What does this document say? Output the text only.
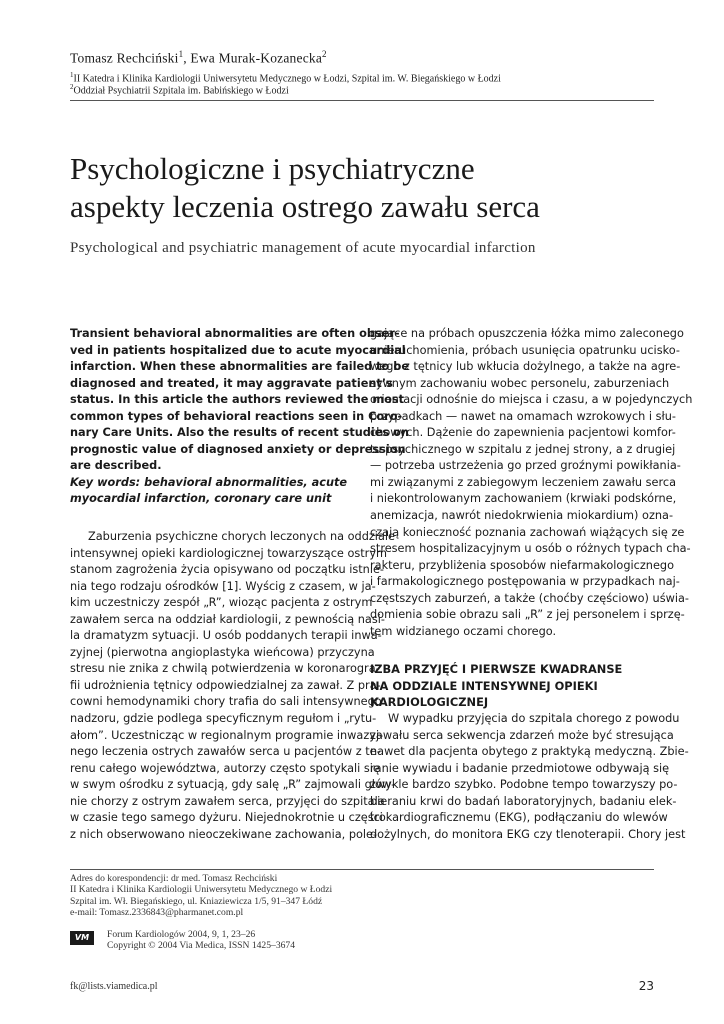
Tomasz Rechciński$^1$, Ewa Murak-Kozanecka$^2$
$^1$II Katedra i Klinika Kardiologii Uniwersytetu Medycznego w Łodzi, Szpital im. W. Biegańskiego w Łodzi
$^2$Oddział Psychiatrii Szpitala im. Babińskiego w Łodzi
Psychologiczne i psychiatryczne
aspekty leczenia ostrego zawału serca
Psychological and psychiatric management of acute myocardial infarction
Transient behavioral abnormalities are often obser-
ved in patients hospitalized due to acute myocardial
infarction. When these abnormalities are failed to be
diagnosed and treated, it may aggravate patient’s
status. In this article the authors reviewed the most
common types of behavioral reactions seen in Coro-
nary Care Units. Also the results of recent studies on
prognostic value of diagnosed anxiety or depression
are described.
Key words: behavioral abnormalities, acute
myocardial infarction, coronary care unit
Zaburzenia psychiczne chorych leczonych na oddziale
intensywnej opieki kardiologicznej towarzyszące ostrym
stanom zagrożenia życia opisywano od początku istnie-
nia tego rodzaju ośrodków [1]. Wyścig z czasem, w ja-
kim uczestniczy zespół „R”, wioząc pacjenta z ostrym
zawałem serca na oddział kardiologii, z pewnością nasi-
la dramatyzm sytuacji. U osób poddanych terapii inwa-
zyjnej (pierwotna angioplastyka wieńcowa) przyczyna
stresu nie znika z chwilą potwierdzenia w koronarogra-
fii udrożnienia tętnicy odpowiedzialnej za zawał. Z pra-
cowni hemodynamiki chory trafia do sali intensywnego
nadzoru, gdzie podlega specyficznym regułom i „rytu-
ałom”. Uczestnicząc w regionalnym programie inwazyj-
nego leczenia ostrych zawałów serca u pacjentów z te-
renu całego województwa, autorzy często spotykali się
w swym ośrodku z sytuacją, gdy salę „R” zajmowali głów-
nie chorzy z ostrym zawałem serca, przyjęci do szpitala
w czasie tego samego dyżuru. Niejednokrotnie u części
z nich obserwowano nieoczekiwane zachowania, pole-
gające na próbach opuszczenia łóżka mimo zaleconego
unieruchomienia, próbach usunięcia opatrunku ucisko-
wego z tętnicy lub wkłucia dożylnego, a także na agre-
sywnym zachowaniu wobec personelu, zaburzeniach
orientacji odnośnie do miejsca i czasu, a w pojedynczych
przypadkach — nawet na omamach wzrokowych i słu-
chowych. Dążenie do zapewnienia pacjentowi komfor-
tu psychicznego w szpitalu z jednej strony, a z drugiej
— potrzeba ustrzeżenia go przed groźnymi powikłania-
mi związanymi z zabiegowym leczeniem zawału serca
i niekontrolowanym zachowaniem (krwiaki podskórne,
anemizacja, nawrót niedokrwienia miokardium) ozna-
czają konieczność poznania zachowań wiążących się ze
stresem hospitalizacyjnym u osób o różnych typach cha-
rakteru, przybliżenia sposobów niefarmakologicznego
i farmakologicznego postępowania w przypadkach naj-
częstszych zaburzeń, a także (choćby częściowo) uświa-
domienia sobie obrazu sali „R” z jej personelem i sprzę-
tem widzianego oczami chorego.
IZBA PRZYJĘĆ I PIERWSZE KWADRANSE
NA ODDZIALE INTENSYWNEJ OPIEKI
KARDIOLOGICZNEJ
W wypadku przyjęcia do szpitala chorego z powodu
zawału serca sekwencja zdarzeń może być stresująca
nawet dla pacjenta obytego z praktyką medyczną. Zbie-
ranie wywiadu i badanie przedmiotowe odbywają się
zwykle bardzo szybko. Podobne tempo towarzyszy po-
bieraniu krwi do badań laboratoryjnych, badaniu elek-
trokardiograficznemu (EKG), podłączaniu do wlewów
dożylnych, do monitora EKG czy tlenoterapii. Chory jest
Adres do korespondencji: dr med. Tomasz Rechciński
II Katedra i Klinika Kardiologii Uniwersytetu Medycznego w Łodzi
Szpital im. Wł. Biegańskiego, ul. Kniaziewicza 1/5, 91–347 Łódź
e-mail: Tomasz.2336843@pharmanet.com.pl
VM	Forum Kardiologów 2004, 9, 1, 23–26
Copyright © 2004 Via Medica, ISSN 1425–3674
fk@lists.viamedica.pl	23
